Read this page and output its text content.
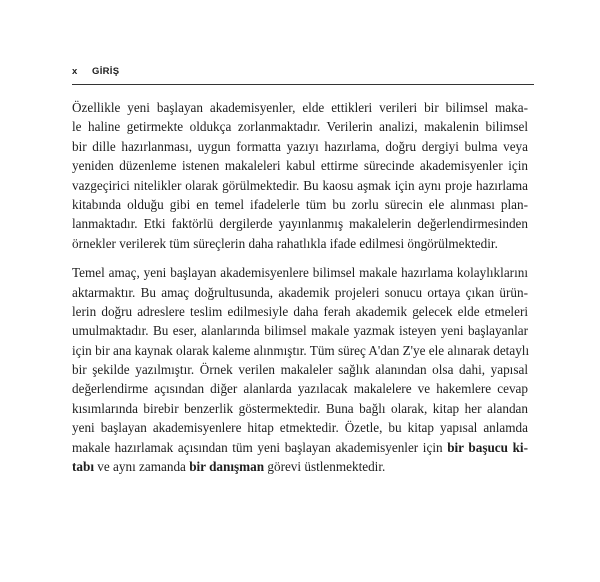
x GİRİŞ

Özellikle yeni başlayan akademisyenler, elde ettikleri verileri bir bilimsel maka-
le haline getirmekte oldukça zorlanmaktadır. Verilerin analizi, makalenin bilimsel
bir dille hazırlanması, uygun formatta yazıyı hazırlama, doğru dergiyi bulma veya
yeniden düzenleme istenen makaleleri kabul ettirme sürecinde akademisyenler için
vazgeçirici nitelikler olarak görülmektedir. Bu kaosu aşmak için aynı proje hazırlama
kitabında olduğu gibi en temel ifadelerle tüm bu zorlu sürecin ele alınması plan-
lanmaktadır. Etki faktörlü dergilerde yayınlanmış makalelerin değerlendirmesinden
örnekler verilerek tüm süreçlerin daha rahatlıkla ifade edilmesi öngörülmektedir.

Temel amaç, yeni başlayan akademisyenlere bilimsel makale hazırlama kolaylıklarını
aktarmaktır. Bu amaç doğrultusunda, akademik projeleri sonucu ortaya çıkan ürün-
lerin doğru adreslere teslim edilmesiyle daha ferah akademik gelecek elde etmeleri
umulmaktadır. Bu eser, alanlarında bilimsel makale yazmak isteyen yeni başlayanlar
için bir ana kaynak olarak kaleme alınmıştır. Tüm süreç A'dan Z'ye ele alınarak detaylı
bir şekilde yazılmıştır. Örnek verilen makaleler sağlık alanından olsa dahi, yapısal
değerlendirme açısından diğer alanlarda yazılacak makalelere ve hakemlere cevap
kısımlarında birebir benzerlik göstermektedir. Buna bağlı olarak, kitap her alandan
yeni başlayan akademisyenlere hitap etmektedir. Özetle, bu kitap yapısal anlamda
makale hazırlamak açısından tüm yeni başlayan akademisyenler için bir başucu ki-
tabı ve aynı zamanda bir danışman görevi üstlenmektedir.
